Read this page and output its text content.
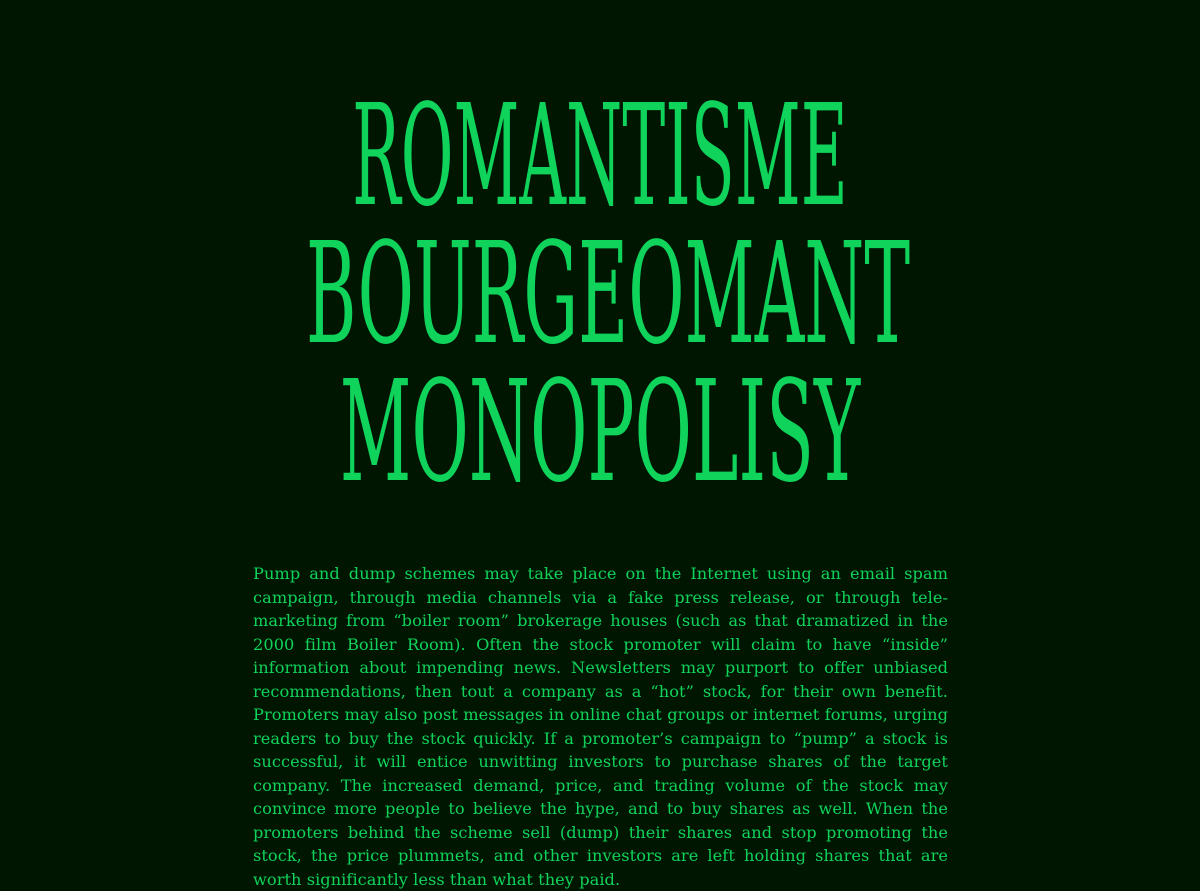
ROMANTISME
BOURGEOMANT
MONOPOLISY

Pump and dump schemes may take place on the Internet using an email spam campaign, through media channels via a fake press release, or through telemarketing from “boiler room” brokerage houses (such as that dramatized in the 2000 film Boiler Room). Often the stock promoter will claim to have “inside” information about impending news. Newsletters may purport to offer unbiased recommendations, then tout a company as a “hot” stock, for their own benefit. Promoters may also post messages in online chat groups or internet forums, urging readers to buy the stock quickly. If a promoter’s campaign to “pump” a stock is successful, it will entice unwitting investors to purchase shares of the target company. The increased demand, price, and trading volume of the stock may convince more people to believe the hype, and to buy shares as well. When the promoters behind the scheme sell (dump) their shares and stop promoting the stock, the price plummets, and other investors are left holding shares that are worth significantly less than what they paid.
